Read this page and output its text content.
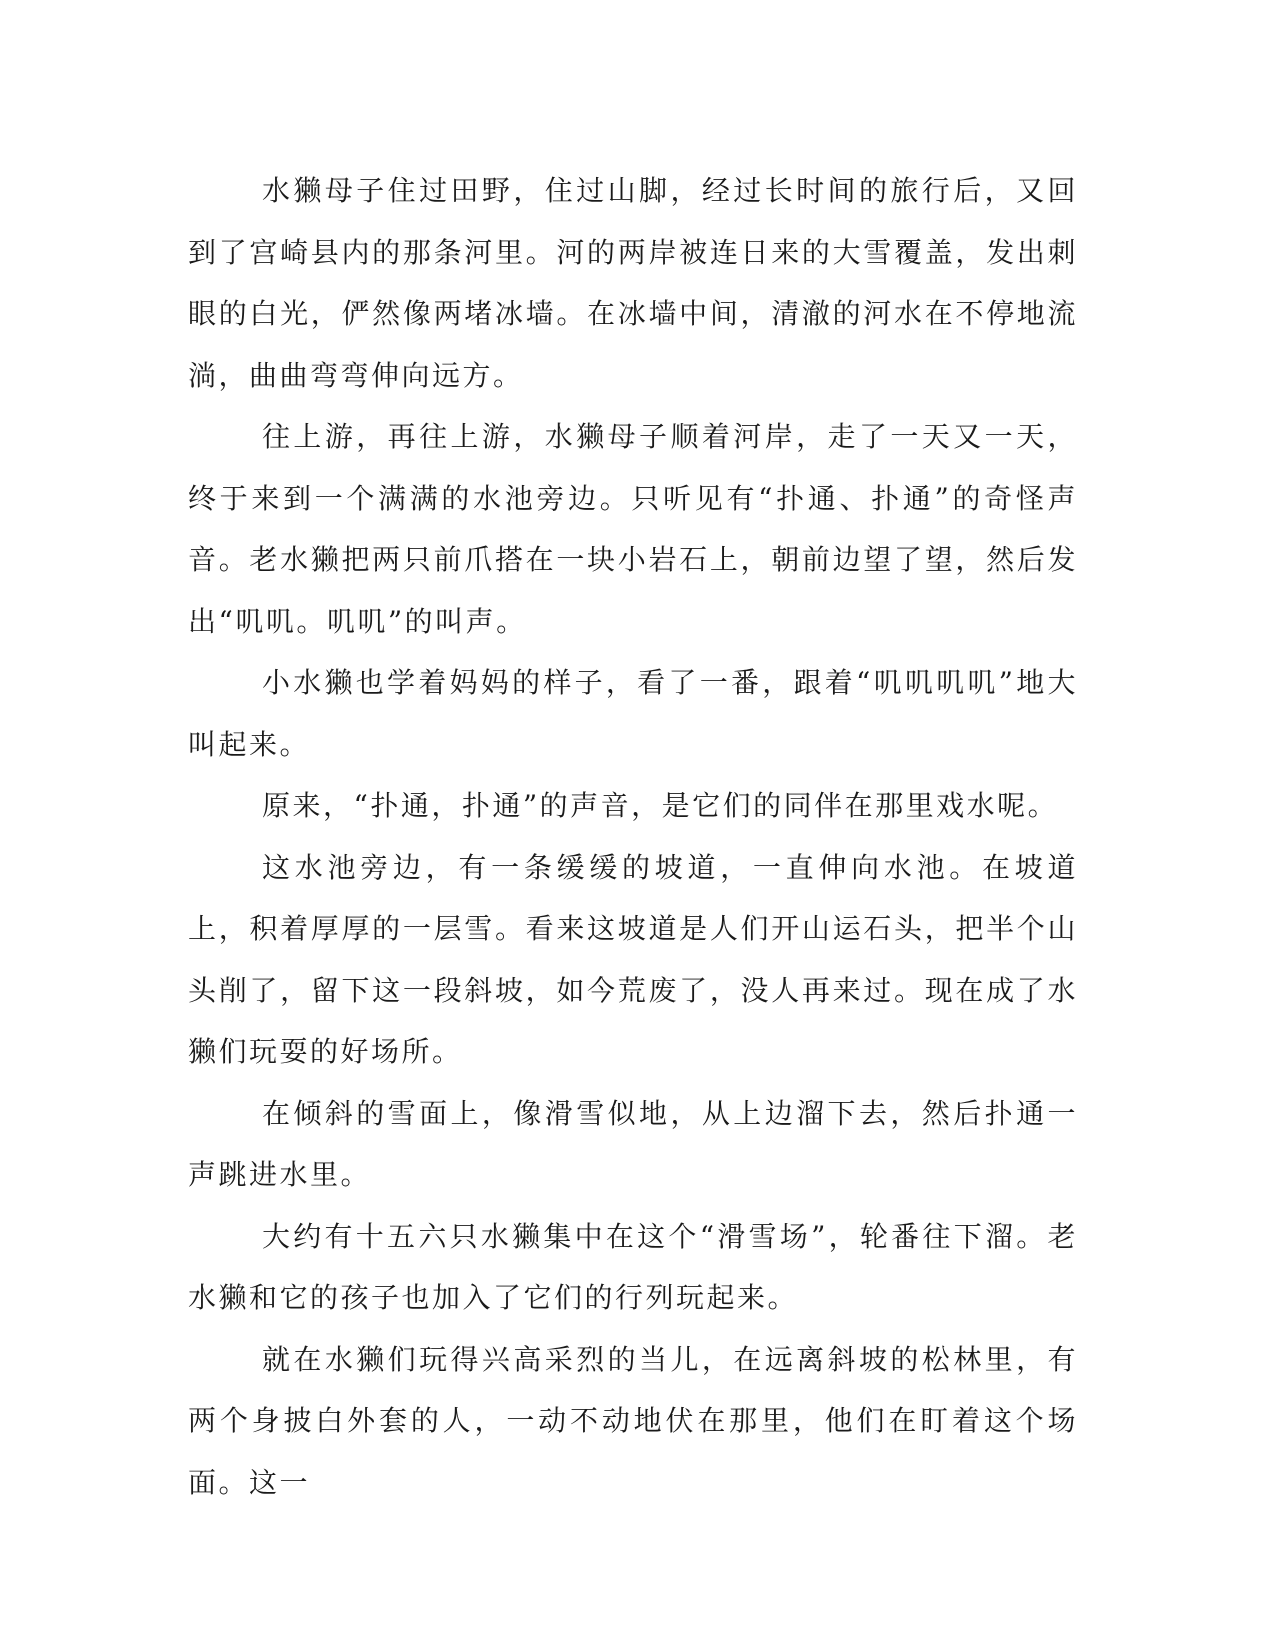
水獭母子住过田野，住过山脚，经过长时间的旅行后，又回到了宫崎县内的那条河里。河的两岸被连日来的大雪覆盖，发出刺眼的白光，俨然像两堵冰墙。在冰墙中间，清澈的河水在不停地流淌，曲曲弯弯伸向远方。

往上游，再往上游，水獭母子顺着河岸，走了一天又一天，终于来到一个满满的水池旁边。只听见有“扑通、扑通”的奇怪声音。老水獭把两只前爪搭在一块小岩石上，朝前边望了望，然后发出“叽叽。叽叽”的叫声。

小水獭也学着妈妈的样子，看了一番，跟着“叽叽叽叽”地大叫起来。

原来，“扑通，扑通”的声音，是它们的同伴在那里戏水呢。

这水池旁边，有一条缓缓的坡道，一直伸向水池。在坡道上，积着厚厚的一层雪。看来这坡道是人们开山运石头，把半个山头削了，留下这一段斜坡，如今荒废了，没人再来过。现在成了水獭们玩耍的好场所。

在倾斜的雪面上，像滑雪似地，从上边溜下去，然后扑通一声跳进水里。

大约有十五六只水獭集中在这个“滑雪场”，轮番往下溜。老水獭和它的孩子也加入了它们的行列玩起来。

就在水獭们玩得兴高采烈的当儿，在远离斜坡的松林里，有两个身披白外套的人，一动不动地伏在那里，他们在盯着这个场面。这一
